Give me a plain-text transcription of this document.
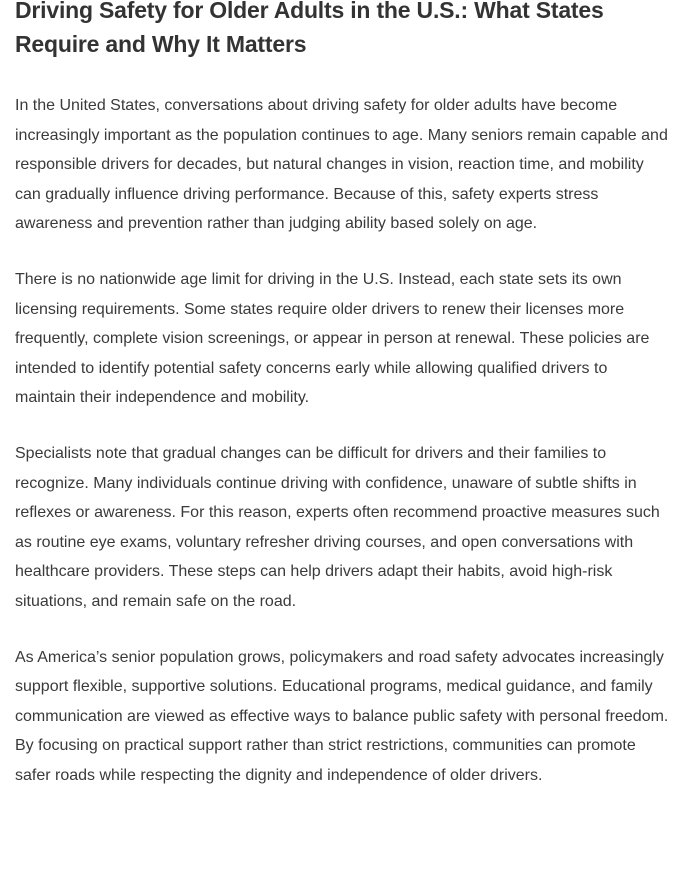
Driving Safety for Older Adults in the U.S.: What States Require and Why It Matters

In the United States, conversations about driving safety for older adults have become increasingly important as the population continues to age. Many seniors remain capable and responsible drivers for decades, but natural changes in vision, reaction time, and mobility can gradually influence driving performance. Because of this, safety experts stress awareness and prevention rather than judging ability based solely on age.

There is no nationwide age limit for driving in the U.S. Instead, each state sets its own licensing requirements. Some states require older drivers to renew their licenses more frequently, complete vision screenings, or appear in person at renewal. These policies are intended to identify potential safety concerns early while allowing qualified drivers to maintain their independence and mobility.

Specialists note that gradual changes can be difficult for drivers and their families to recognize. Many individuals continue driving with confidence, unaware of subtle shifts in reflexes or awareness. For this reason, experts often recommend proactive measures such as routine eye exams, voluntary refresher driving courses, and open conversations with healthcare providers. These steps can help drivers adapt their habits, avoid high-risk situations, and remain safe on the road.

As America’s senior population grows, policymakers and road safety advocates increasingly support flexible, supportive solutions. Educational programs, medical guidance, and family communication are viewed as effective ways to balance public safety with personal freedom. By focusing on practical support rather than strict restrictions, communities can promote safer roads while respecting the dignity and independence of older drivers.
